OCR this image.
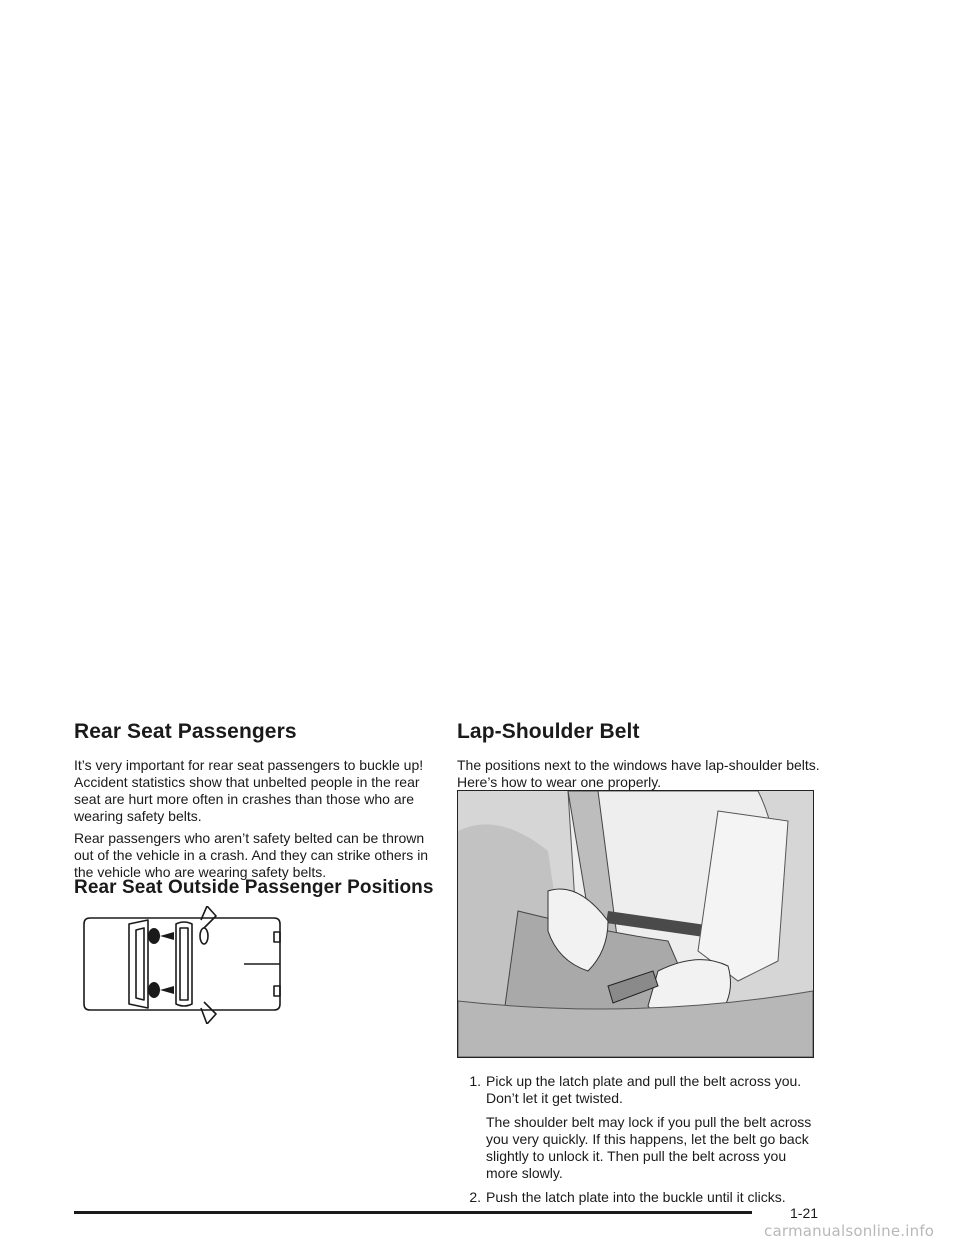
Rear Seat Passengers

It’s very important for rear seat passengers to buckle up! Accident statistics show that unbelted people in the rear seat are hurt more often in crashes than those who are wearing safety belts.

Rear passengers who aren’t safety belted can be thrown out of the vehicle in a crash. And they can strike others in the vehicle who are wearing safety belts.

Rear Seat Outside Passenger Positions
Lap-Shoulder Belt

The positions next to the windows have lap-shoulder belts. Here’s how to wear one properly.

1. Pick up the latch plate and pull the belt across you. Don’t let it get twisted.

The shoulder belt may lock if you pull the belt across you very quickly. If this happens, let the belt go back slightly to unlock it. Then pull the belt across you more slowly.

2. Push the latch plate into the buckle until it clicks.
1-21
carmanualsonline.info
